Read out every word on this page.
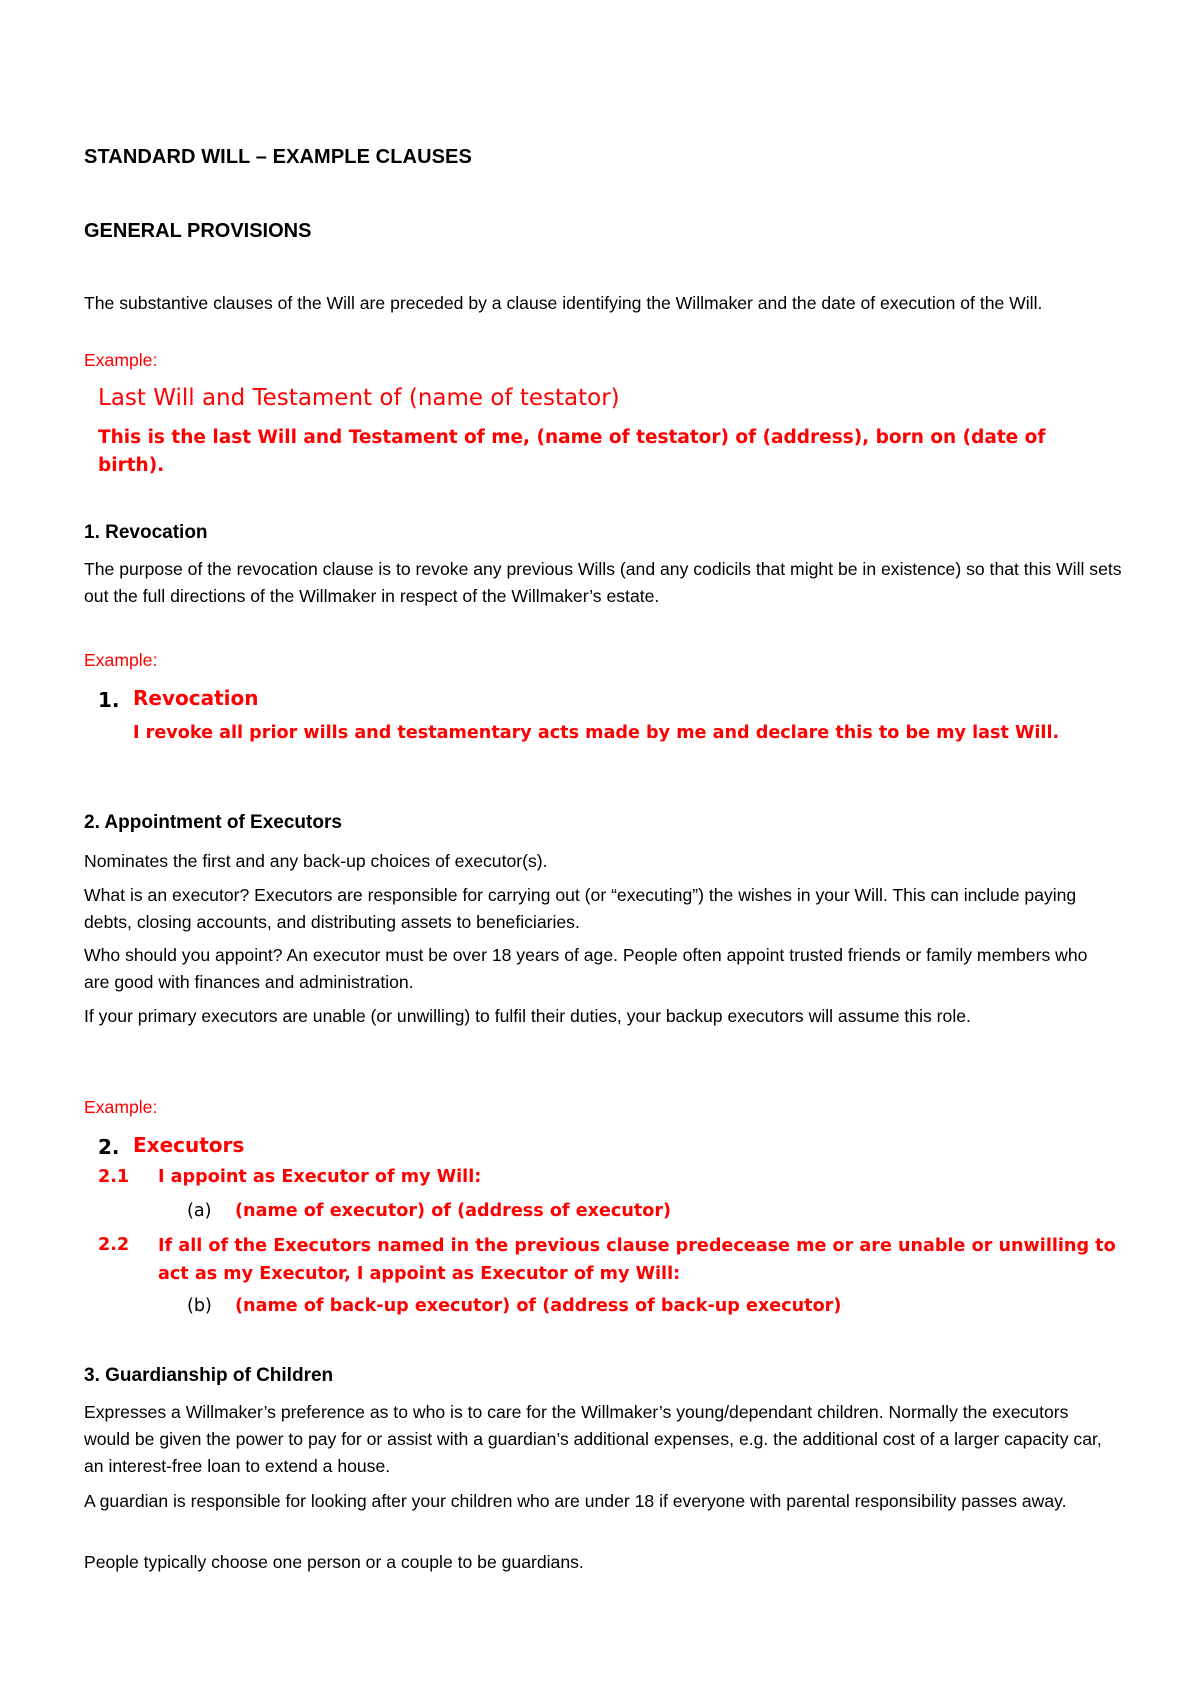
STANDARD WILL – EXAMPLE CLAUSES

GENERAL PROVISIONS

The substantive clauses of the Will are preceded by a clause identifying the Willmaker and the date of execution of the Will.

Example:

Last Will and Testament of (name of testator)

This is the last Will and Testament of me, (name of testator) of (address), born on (date of birth).

1. Revocation

The purpose of the revocation clause is to revoke any previous Wills (and any codicils that might be in existence) so that this Will sets out the full directions of the Willmaker in respect of the Willmaker’s estate.

Example:

1. Revocation

I revoke all prior wills and testamentary acts made by me and declare this to be my last Will.

2. Appointment of Executors

Nominates the first and any back-up choices of executor(s).

What is an executor? Executors are responsible for carrying out (or “executing”) the wishes in your Will. This can include paying debts, closing accounts, and distributing assets to beneficiaries.

Who should you appoint? An executor must be over 18 years of age. People often appoint trusted friends or family members who are good with finances and administration.

If your primary executors are unable (or unwilling) to fulfil their duties, your backup executors will assume this role.

Example:

2. Executors
2.1 I appoint as Executor of my Will:
(a) (name of executor) of (address of executor)
2.2 If all of the Executors named in the previous clause predecease me or are unable or unwilling to act as my Executor, I appoint as Executor of my Will:

(b) (name of back-up executor) of (address of back-up executor)

3. Guardianship of Children

Expresses a Willmaker’s preference as to who is to care for the Willmaker’s young/dependant children. Normally the executors would be given the power to pay for or assist with a guardian’s additional expenses, e.g. the additional cost of a larger capacity car, an interest-free loan to extend a house.

A guardian is responsible for looking after your children who are under 18 if everyone with parental responsibility passes away.

People typically choose one person or a couple to be guardians.
